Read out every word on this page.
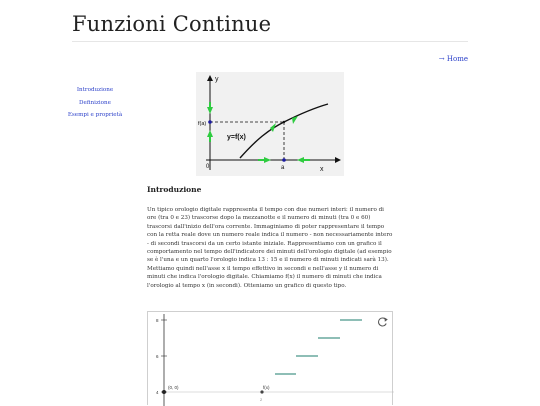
Funzioni Continue
→ Home
Introduzione
Definizione
Esempi e proprietà
y
x
0
f(a)
a
y=f(x)
Introduzione

Un tipico orologio digitale rappresenta il tempo con due numeri interi: il numero di ore (tra 0 e 23) trascorse dopo la mezzanotte e il numero di minuti (tra 0 e 60) trascorsi dall'inizio dell'ora corrente. Immaginiamo di poter rappresentare il tempo con la retta reale dove un numero reale indica il numero - non necessariamente intero - di secondi trascorsi da un certo istante iniziale. Rappresentiamo con un grafico il comportamento nel tempo dell'indicatore dei minuti dell'orologio digitale (ad esempio se è l'una e un quarto l'orologio indica 13 : 15 e il numero di minuti indicati sarà 13). Mettiamo quindi nell'asse x il tempo effettivo in secondi e nell'asse y il numero di minuti che indica l'orologio digitale. Chiamiamo f(x) il numero di minuti che indica l'orologio al tempo x (in secondi). Otteniamo un grafico di questo tipo.

8
6
4
(0, 0)	f(x)
2
